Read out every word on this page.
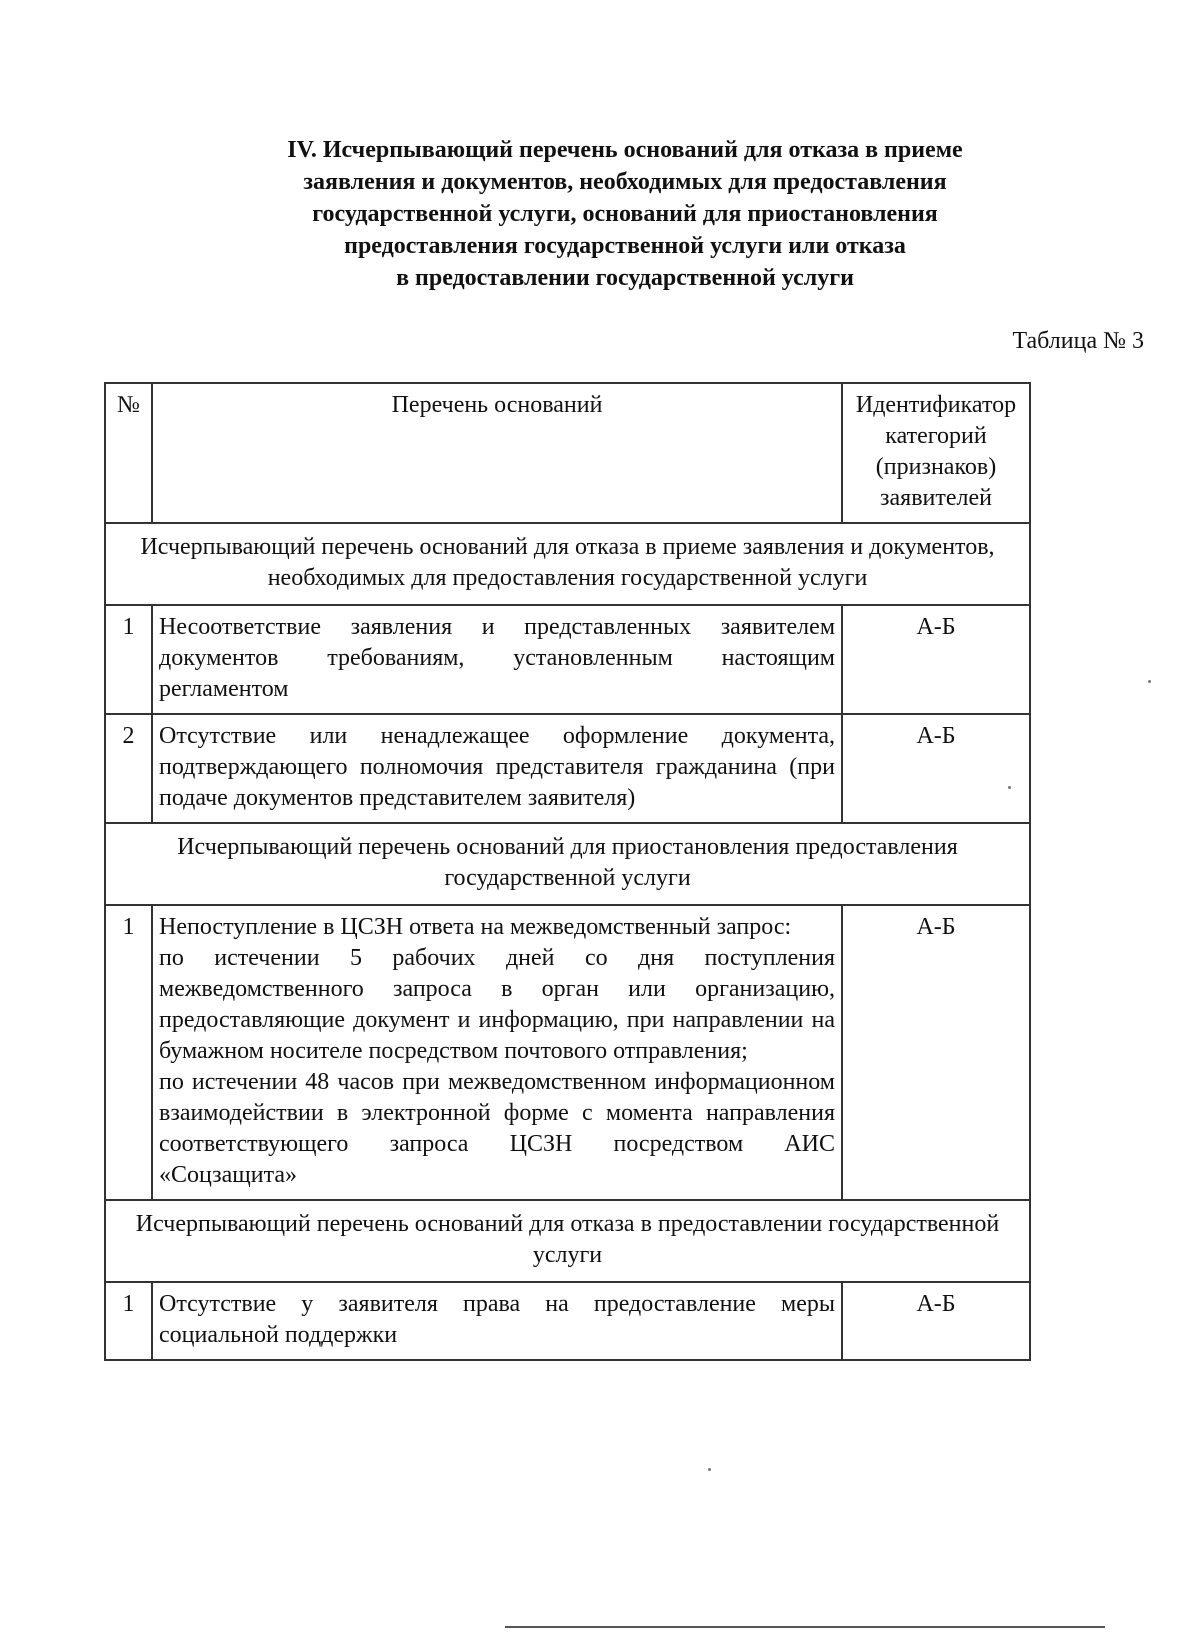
IV. Исчерпывающий перечень оснований для отказа в приеме
заявления и документов, необходимых для предоставления
государственной услуги, оснований для приостановления
предоставления государственной услуги или отказа
в предоставлении государственной услуги

Таблица № 3

№	Перечень оснований	Идентификатор категорий (признаков) заявителей
Исчерпывающий перечень оснований для отказа в приеме заявления и документов, необходимых для предоставления государственной услуги		
1	Несоответствие заявления и представленных заявителем документов требованиям, установленным настоящим регламентом	А-Б
2	Отсутствие или ненадлежащее оформление документа, подтверждающего полномочия представителя гражданина (при подаче документов представителем заявителя)	А-Б
Исчерпывающий перечень оснований для приостановления предоставления государственной услуги		
1	Непоступление в ЦСЗН ответа на межведомственный запрос:
по истечении 5 рабочих дней со дня поступления межведомственного запроса в орган или организацию, предоставляющие документ и информацию, при направлении на бумажном носителе посредством почтового отправления;
по истечении 48 часов при межведомственном информационном взаимодействии в электронной форме с момента направления соответствующего запроса ЦСЗН посредством АИС «Соцзащита»	А-Б
Исчерпывающий перечень оснований для отказа в предоставлении государственной услуги		
1	Отсутствие у заявителя права на предоставление меры социальной поддержки	А-Б
